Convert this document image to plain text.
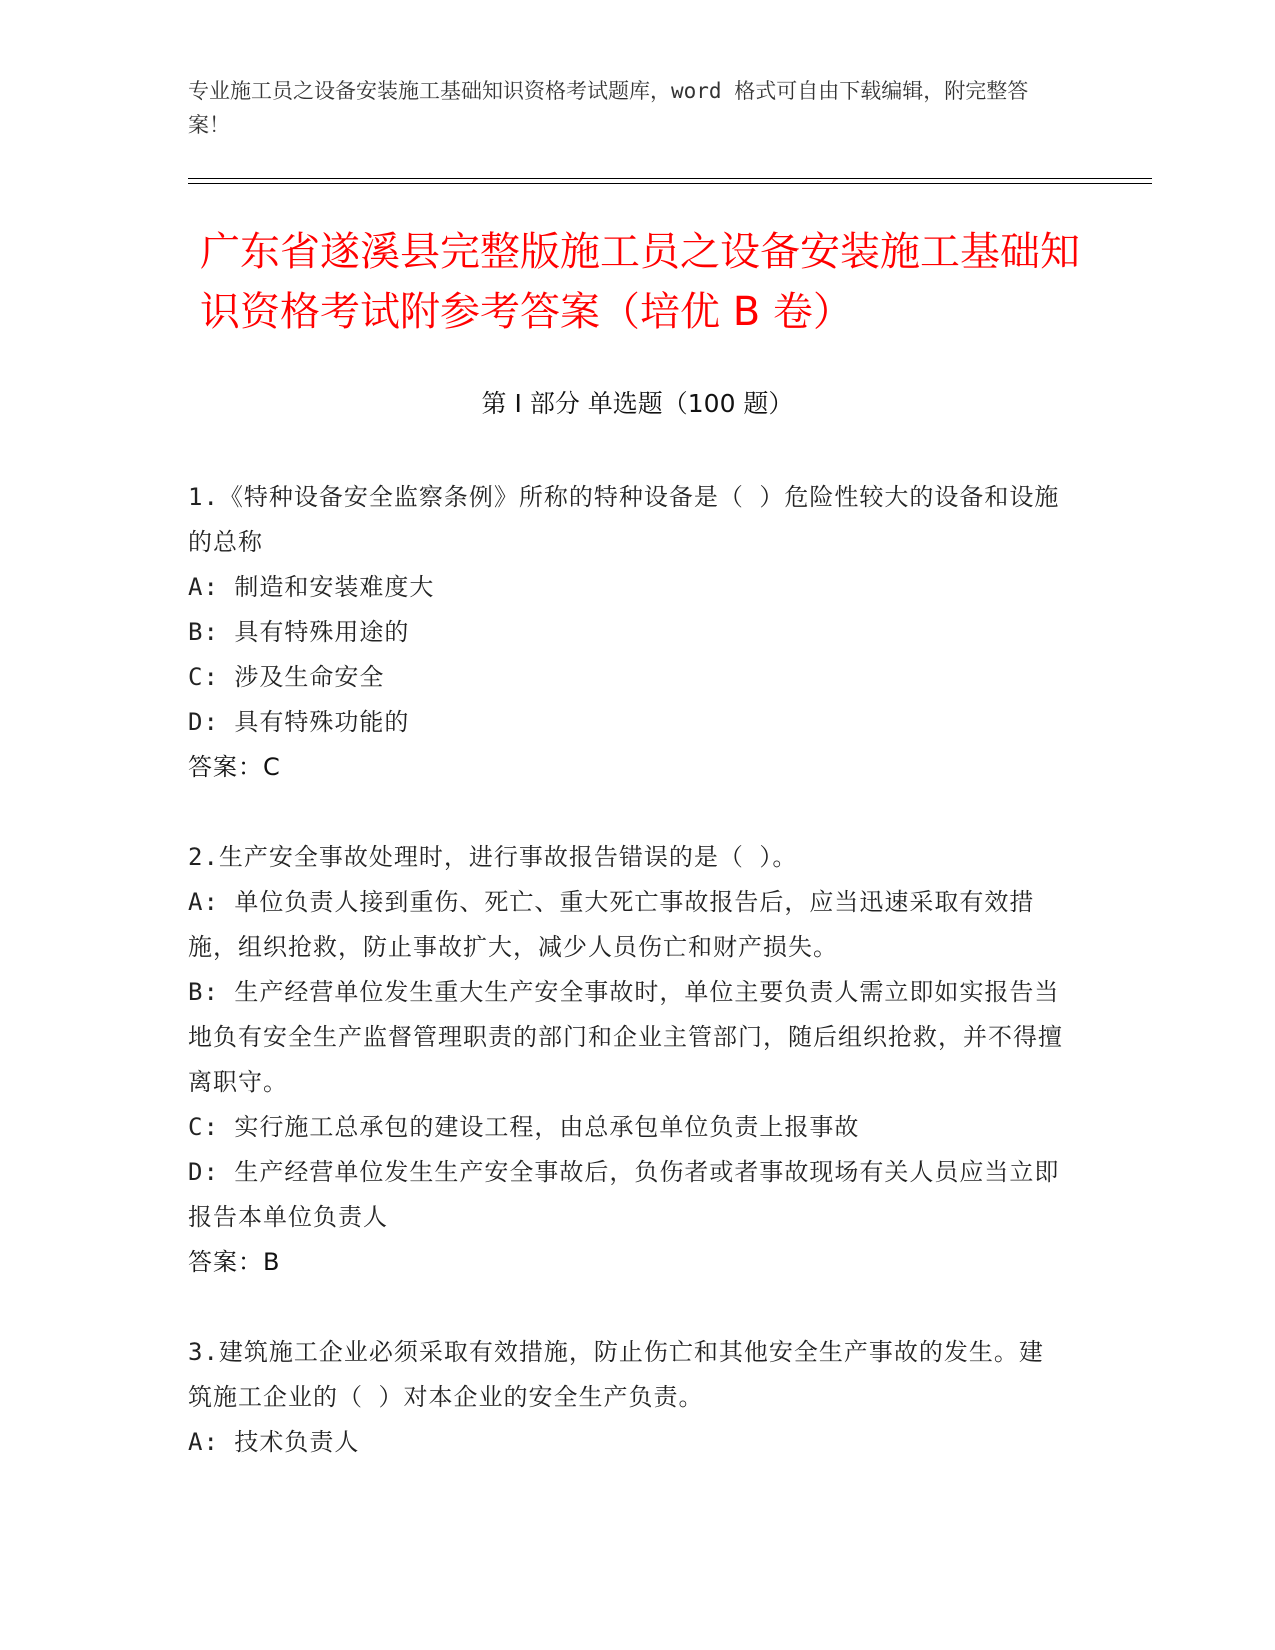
专业施工员之设备安装施工基础知识资格考试题库，word 格式可自由下载编辑，附完整答案！

广东省遂溪县完整版施工员之设备安装施工基础知识资格考试附参考答案（培优 B 卷）
第 I 部分 单选题（100 题）

1.《特种设备安全监察条例》所称的特种设备是（ ）危险性较大的设备和设施的总称

A: 制造和安装难度大

B: 具有特殊用途的

C: 涉及生命安全

D: 具有特殊功能的

答案：C

2.生产安全事故处理时，进行事故报告错误的是（ ）。

A: 单位负责人接到重伤、死亡、重大死亡事故报告后，应当迅速采取有效措施，组织抢救，防止事故扩大，减少人员伤亡和财产损失。

B: 生产经营单位发生重大生产安全事故时，单位主要负责人需立即如实报告当地负有安全生产监督管理职责的部门和企业主管部门，随后组织抢救，并不得擅离职守。

C: 实行施工总承包的建设工程，由总承包单位负责上报事故

D: 生产经营单位发生生产安全事故后，负伤者或者事故现场有关人员应当立即报告本单位负责人

答案：B

3.建筑施工企业必须采取有效措施，防止伤亡和其他安全生产事故的发生。建筑施工企业的（ ）对本企业的安全生产负责。

A: 技术负责人
